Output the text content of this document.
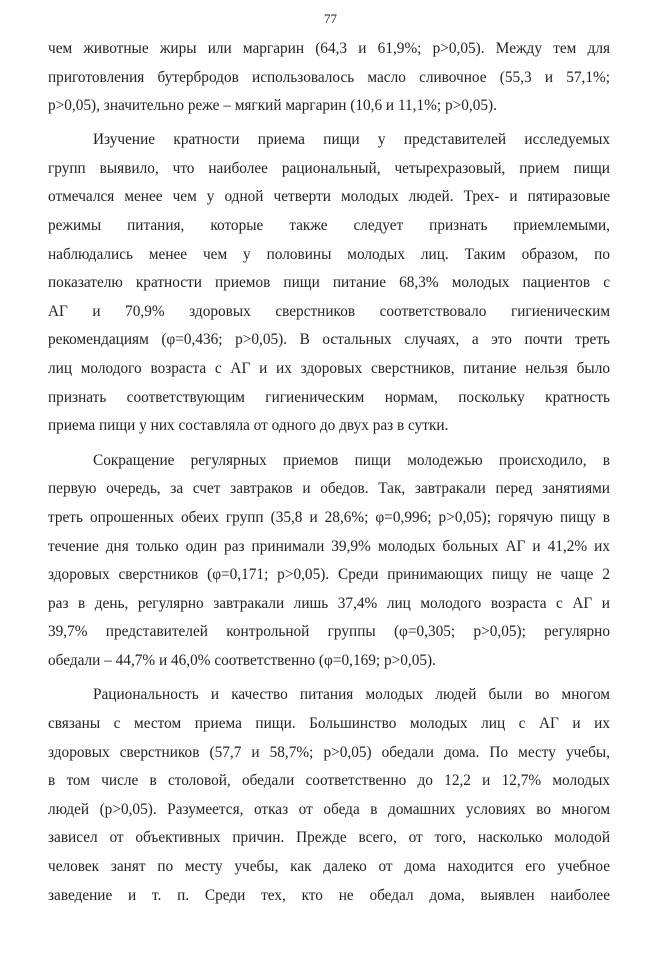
77
чем животные жиры или маргарин (64,3 и 61,9%; p>0,05). Между тем для
приготовления бутербродов использовалось масло сливочное (55,3 и 57,1%;
p>0,05), значительно реже – мягкий маргарин (10,6 и 11,1%; p>0,05).
Изучение кратности приема пищи у представителей исследуемых
групп выявило, что наиболее рациональный, четырехразовый, прием пищи
отмечался менее чем у одной четверти молодых людей. Трех- и пятиразовые
режимы питания, которые также следует признать приемлемыми,
наблюдались менее чем у половины молодых лиц. Таким образом, по
показателю кратности приемов пищи питание 68,3% молодых пациентов с
АГ и 70,9% здоровых сверстников соответствовало гигиеническим
рекомендациям (φ=0,436; p>0,05). В остальных случаях, а это почти треть
лиц молодого возраста с АГ и их здоровых сверстников, питание нельзя было
признать соответствующим гигиеническим нормам, поскольку кратность
приема пищи у них составляла от одного до двух раз в сутки.
Сокращение регулярных приемов пищи молодежью происходило, в
первую очередь, за счет завтраков и обедов. Так, завтракали перед занятиями
треть опрошенных обеих групп (35,8 и 28,6%; φ=0,996; p>0,05); горячую пищу в
течение дня только один раз принимали 39,9% молодых больных АГ и 41,2% их
здоровых сверстников (φ=0,171; p>0,05). Среди принимающих пищу не чаще 2
раз в день, регулярно завтракали лишь 37,4% лиц молодого возраста с АГ и
39,7% представителей контрольной группы (φ=0,305; p>0,05); регулярно
обедали – 44,7% и 46,0% соответственно (φ=0,169; p>0,05).
Рациональность и качество питания молодых людей были во многом
связаны с местом приема пищи. Большинство молодых лиц с АГ и их
здоровых сверстников (57,7 и 58,7%; p>0,05) обедали дома. По месту учебы,
в том числе в столовой, обедали соответственно до 12,2 и 12,7% молодых
людей (p>0,05). Разумеется, отказ от обеда в домашних условиях во многом
зависел от объективных причин. Прежде всего, от того, насколько молодой
человек занят по месту учебы, как далеко от дома находится его учебное
заведение и т. п. Среди тех, кто не обедал дома, выявлен наиболее
